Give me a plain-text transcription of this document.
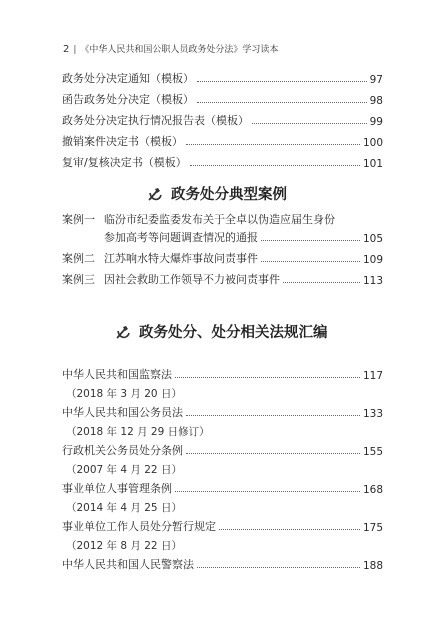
2 | 《中华人民共和国公职人员政务处分法》学习读本
政务处分决定通知（模板）	97
函告政务处分决定（模板）	98
政务处分决定执行情况报告表（模板）	99
撤销案件决定书（模板）	100
复审/复核决定书（模板）	101
政务处分典型案例
案例一 临汾市纪委监委发布关于全卓以伪造应届生身份
参加高考等问题调查情况的通报	105
案例二 江苏响水特大爆炸事故问责事件	109
案例三 因社会救助工作领导不力被问责事件	113
政务处分、处分相关法规汇编
中华人民共和国监察法	117
（2018 年 3 月 20 日）
中华人民共和国公务员法	133
（2018 年 12 月 29 日修订）
行政机关公务员处分条例	155
（2007 年 4 月 22 日）
事业单位人事管理条例	168
（2014 年 4 月 25 日）
事业单位工作人员处分暂行规定	175
（2012 年 8 月 22 日）
中华人民共和国人民警察法	188
